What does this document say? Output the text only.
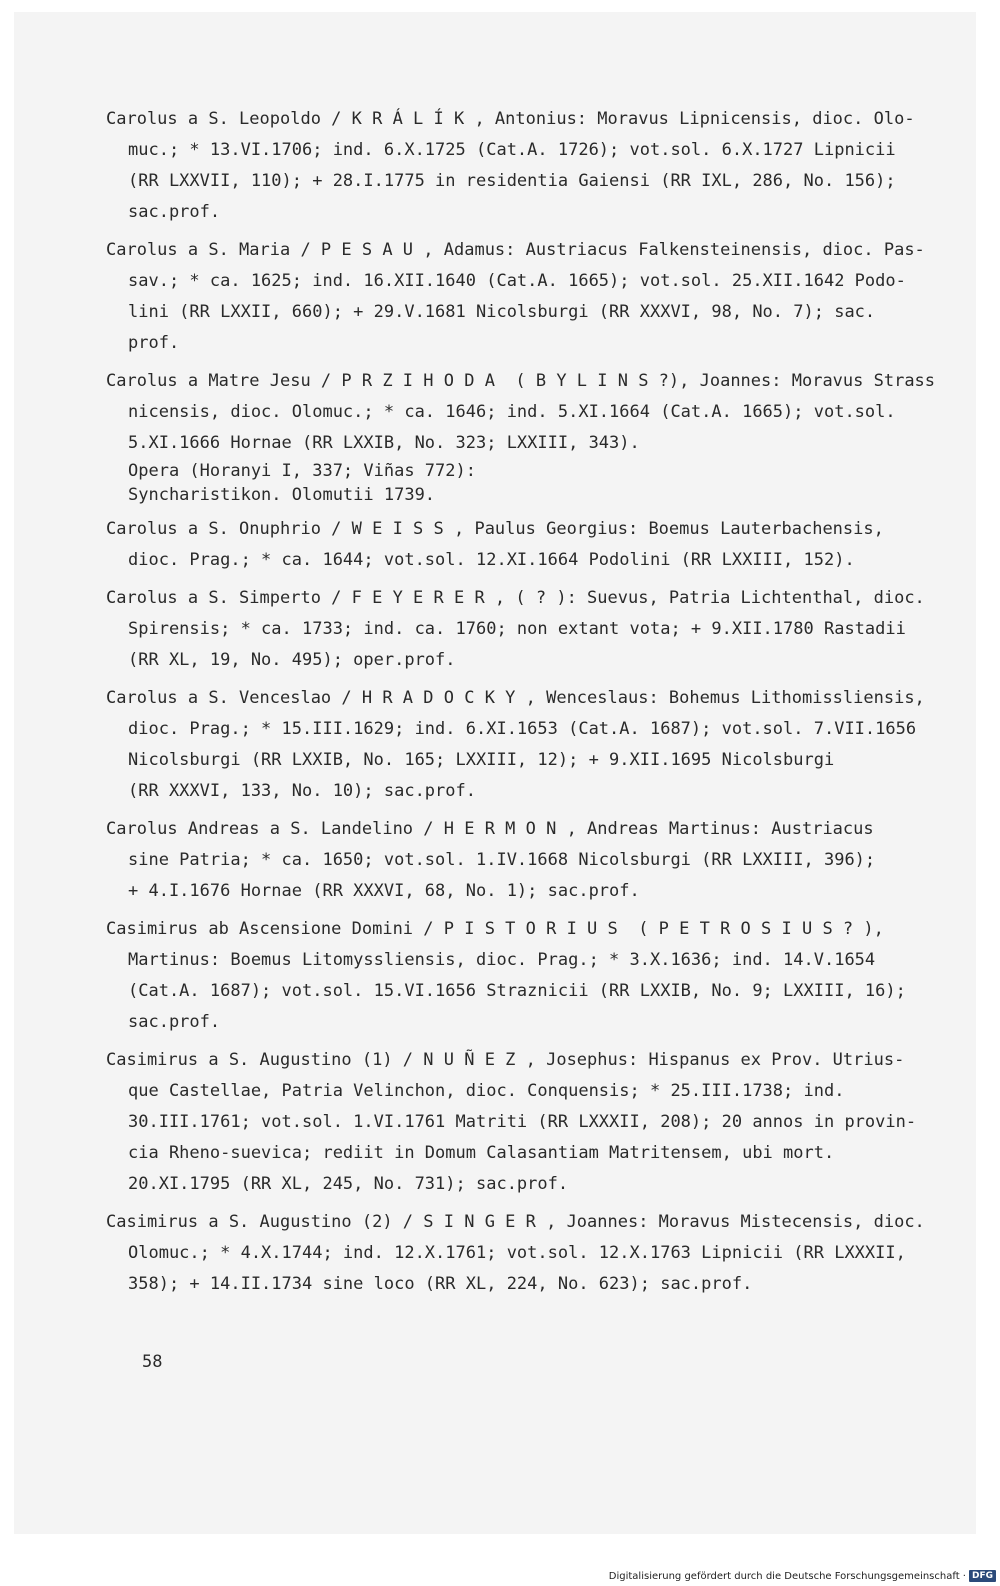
Carolus a S. Leopoldo / K R Á L Í K , Antonius: Moravus Lipnicensis, dioc. Olo-
muc.; * 13.VI.1706; ind. 6.X.1725 (Cat.A. 1726); vot.sol. 6.X.1727 Lipnicii
(RR LXXVII, 110); + 28.I.1775 in residentia Gaiensi (RR IXL, 286, No. 156);
sac.prof.
Carolus a S. Maria / P E S A U , Adamus: Austriacus Falkensteinensis, dioc. Pas-
sav.; * ca. 1625; ind. 16.XII.1640 (Cat.A. 1665); vot.sol. 25.XII.1642 Podo-
lini (RR LXXII, 660); + 29.V.1681 Nicolsburgi (RR XXXVI, 98, No. 7); sac.
prof.
Carolus a Matre Jesu / P R Z I H O D A  ( B Y L I N S ?), Joannes: Moravus Strass
nicensis, dioc. Olomuc.; * ca. 1646; ind. 5.XI.1664 (Cat.A. 1665); vot.sol.
5.XI.1666 Hornae (RR LXXIB, No. 323; LXXIII, 343).
Opera (Horanyi I, 337; Viñas 772):
Syncharistikon. Olomutii 1739.
Carolus a S. Onuphrio / W E I S S , Paulus Georgius: Boemus Lauterbachensis,
dioc. Prag.; * ca. 1644; vot.sol. 12.XI.1664 Podolini (RR LXXIII, 152).
Carolus a S. Simperto / F E Y E R E R , ( ? ): Suevus, Patria Lichtenthal, dioc.
Spirensis; * ca. 1733; ind. ca. 1760; non extant vota; + 9.XII.1780 Rastadii
(RR XL, 19, No. 495); oper.prof.
Carolus a S. Venceslao / H R A D O C K Y , Wenceslaus: Bohemus Lithomissliensis,
dioc. Prag.; * 15.III.1629; ind. 6.XI.1653 (Cat.A. 1687); vot.sol. 7.VII.1656
Nicolsburgi (RR LXXIB, No. 165; LXXIII, 12); + 9.XII.1695 Nicolsburgi
(RR XXXVI, 133, No. 10); sac.prof.
Carolus Andreas a S. Landelino / H E R M O N , Andreas Martinus: Austriacus
sine Patria; * ca. 1650; vot.sol. 1.IV.1668 Nicolsburgi (RR LXXIII, 396);
+ 4.I.1676 Hornae (RR XXXVI, 68, No. 1); sac.prof.
Casimirus ab Ascensione Domini / P I S T O R I U S  ( P E T R O S I U S ? ),
Martinus: Boemus Litomyssliensis, dioc. Prag.; * 3.X.1636; ind. 14.V.1654
(Cat.A. 1687); vot.sol. 15.VI.1656 Straznicii (RR LXXIB, No. 9; LXXIII, 16);
sac.prof.
Casimirus a S. Augustino (1) / N U Ñ E Z , Josephus: Hispanus ex Prov. Utrius-
que Castellae, Patria Velinchon, dioc. Conquensis; * 25.III.1738; ind.
30.III.1761; vot.sol. 1.VI.1761 Matriti (RR LXXXII, 208); 20 annos in provin-
cia Rheno-suevica; rediit in Domum Calasantiam Matritensem, ubi mort.
20.XI.1795 (RR XL, 245, No. 731); sac.prof.
Casimirus a S. Augustino (2) / S I N G E R , Joannes: Moravus Mistecensis, dioc.
Olomuc.; * 4.X.1744; ind. 12.X.1761; vot.sol. 12.X.1763 Lipnicii (RR LXXXII,
358); + 14.II.1734 sine loco (RR XL, 224, No. 623); sac.prof.
58
Digitalisierung gefördert durch die Deutsche Forschungsgemeinschaft · DFG
